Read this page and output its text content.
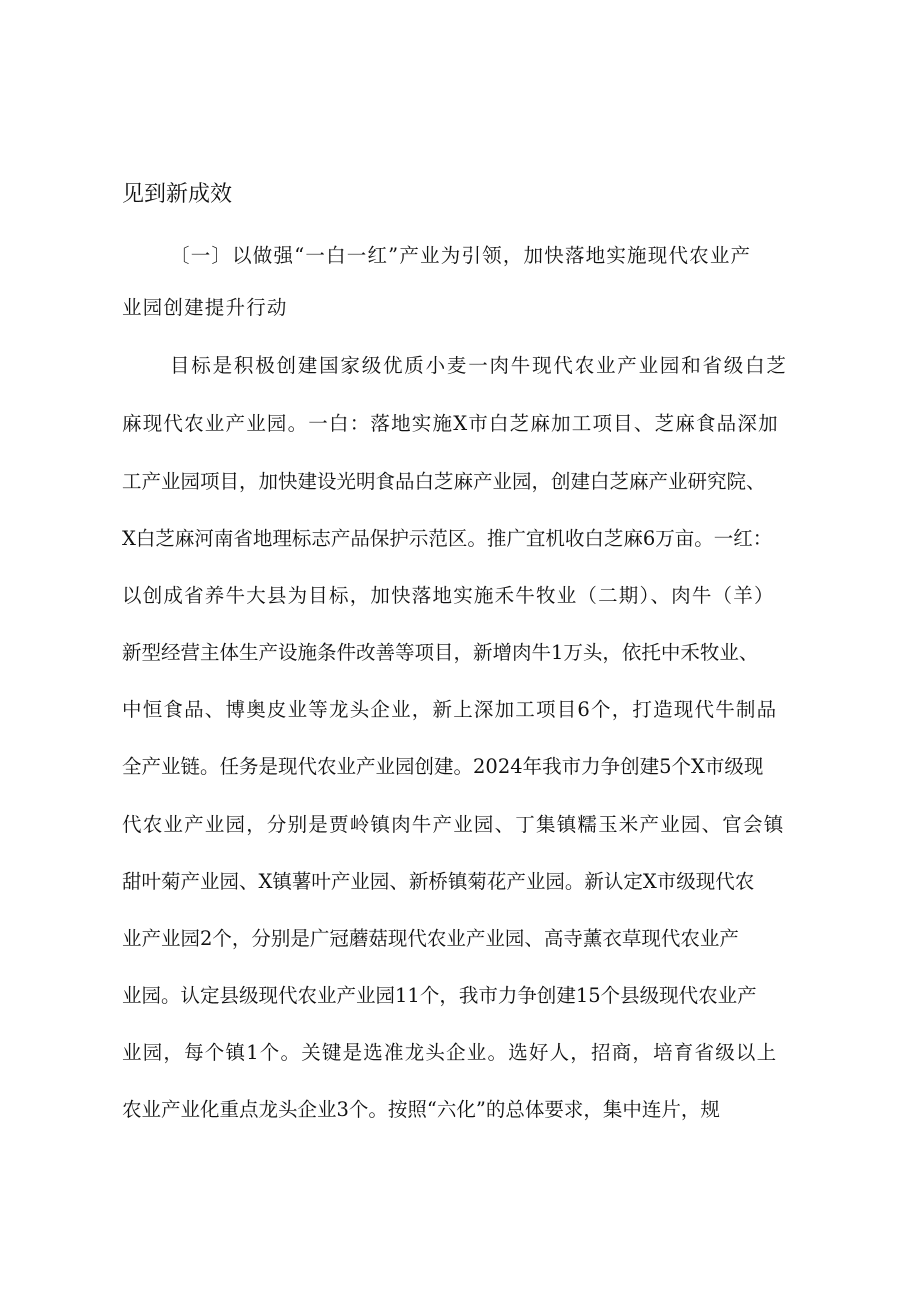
见到新成效

〔一〕以做强“一白一红”产业为引领，加快落地实施现代农业产

业园创建提升行动

目标是积极创建国家级优质小麦一肉牛现代农业产业园和省级白芝

麻现代农业产业园。一白：落地实施X市白芝麻加工项目、芝麻食品深加

工产业园项目，加快建设光明食品白芝麻产业园，创建白芝麻产业研究院、

X白芝麻河南省地理标志产品保护示范区。推广宜机收白芝麻6万亩。一红：

以创成省养牛大县为目标，加快落地实施禾牛牧业（二期）、肉牛（羊）

新型经营主体生产设施条件改善等项目，新增肉牛1万头，依托中禾牧业、

中恒食品、博奥皮业等龙头企业，新上深加工项目6个，打造现代牛制品

全产业链。任务是现代农业产业园创建。2024年我市力争创建5个X市级现

代农业产业园，分别是贾岭镇肉牛产业园、丁集镇糯玉米产业园、官会镇

甜叶菊产业园、X镇薯叶产业园、新桥镇菊花产业园。新认定X市级现代农

业产业园2个，分别是广冠蘑菇现代农业产业园、高寺薰衣草现代农业产

业园。认定县级现代农业产业园11个，我市力争创建15个县级现代农业产

业园，每个镇1个。关键是选准龙头企业。选好人，招商，培育省级以上

农业产业化重点龙头企业3个。按照“六化”的总体要求，集中连片，规
